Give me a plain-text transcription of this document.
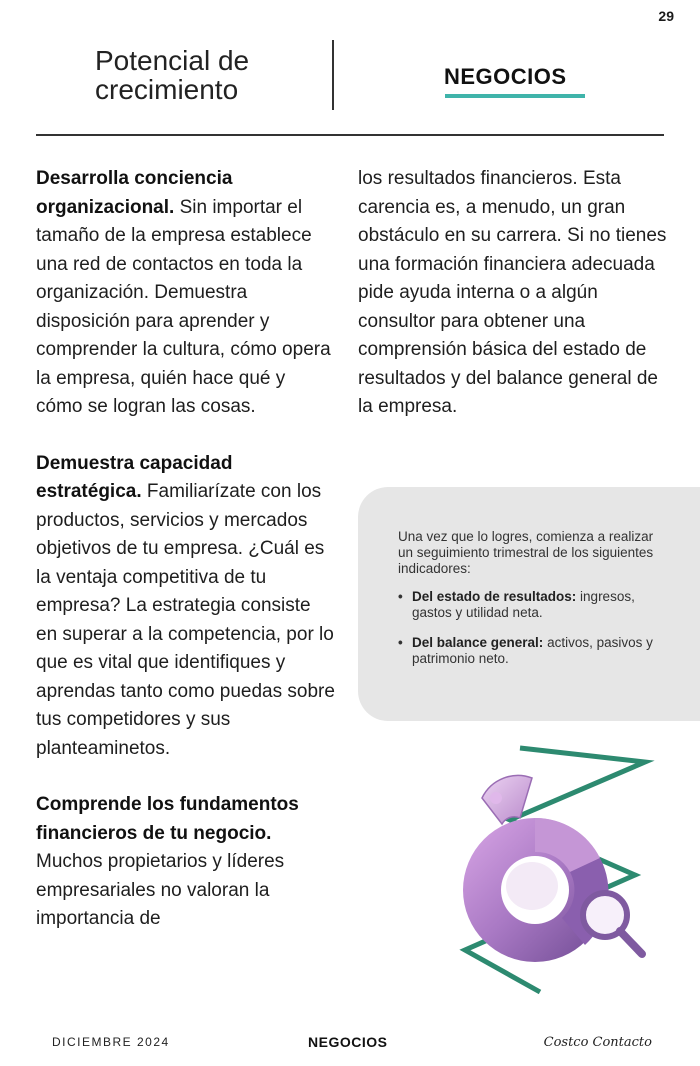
29
Potencial de crecimiento	NEGOCIOS

Desarrolla conciencia organizacional. Sin importar el tamaño de la empresa establece una red de contactos en toda la organización. Demuestra disposición para aprender y comprender la cultura, cómo opera la empresa, quién hace qué y cómo se logran las cosas.

Demuestra capacidad estratégica. Familiarízate con los productos, servicios y mercados objetivos de tu empresa. ¿Cuál es la ventaja competitiva de tu empresa? La estrategia consiste en superar a la competencia, por lo que es vital que identifiques y aprendas tanto como puedas sobre tus competidores y sus planteaminetos.

Comprende los fundamentos financieros de tu negocio. Muchos propietarios y líderes empresariales no valoran la importancia de

los resultados financieros. Esta carencia es, a menudo, un gran obstáculo en su carrera. Si no tienes una formación financiera adecuada pide ayuda interna o a algún consultor para obtener una comprensión básica del estado de resultados y del balance general de la empresa.

Una vez que lo logres, comienza a realizar un seguimiento trimestral de los siguientes indicadores:

• Del estado de resultados: ingresos, gastos y utilidad neta.
• Del balance general: activos, pasivos y patrimonio neto.
DICIEMBRE 2024	NEGOCIOS	Costco Contacto
